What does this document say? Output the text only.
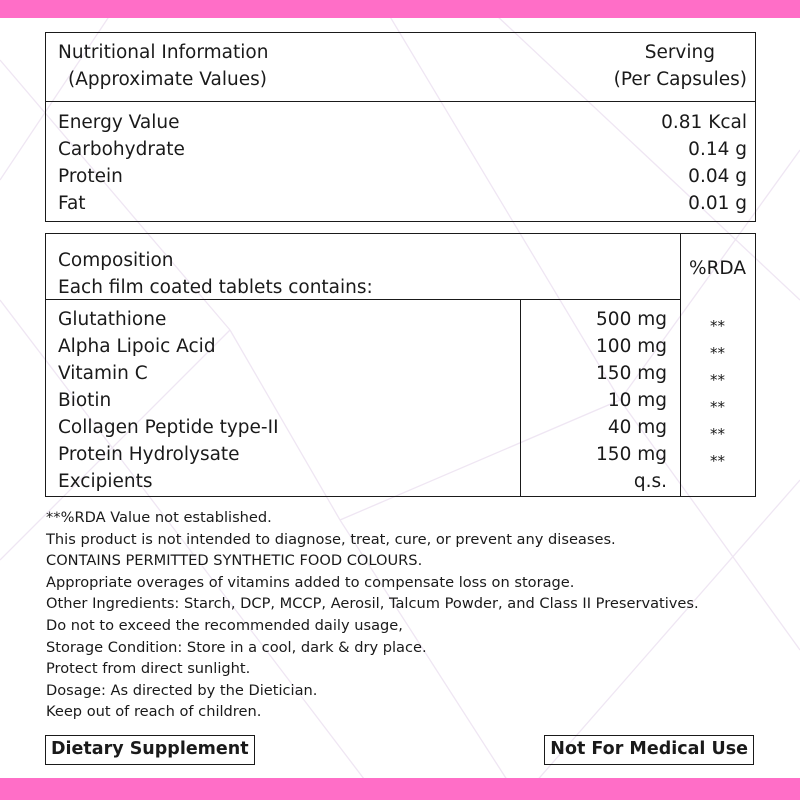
Nutritional Information
(Approximate Values)
Serving
(Per Capsules)
Energy Value	0.81 Kcal
Carbohydrate	0.14 g
Protein	0.04 g
Fat	0.01 g
Composition
Each film coated tablets contains:
%RDA
Glutathione	500 mg	**
Alpha Lipoic Acid	100 mg	**
Vitamin C	150 mg	**
Biotin	10 mg	**
Collagen Peptide type-II	40 mg	**
Protein Hydrolysate	150 mg	**
Excipients	q.s.
**%RDA Value not established.
This product is not intended to diagnose, treat, cure, or prevent any diseases.
CONTAINS PERMITTED SYNTHETIC FOOD COLOURS.
Appropriate overages of vitamins added to compensate loss on storage.
Other Ingredients: Starch, DCP, MCCP, Aerosil, Talcum Powder, and Class II Preservatives.
Do not to exceed the recommended daily usage,
Storage Condition: Store in a cool, dark & dry place.
Protect from direct sunlight.
Dosage: As directed by the Dietician.
Keep out of reach of children.
Dietary Supplement	Not For Medical Use
